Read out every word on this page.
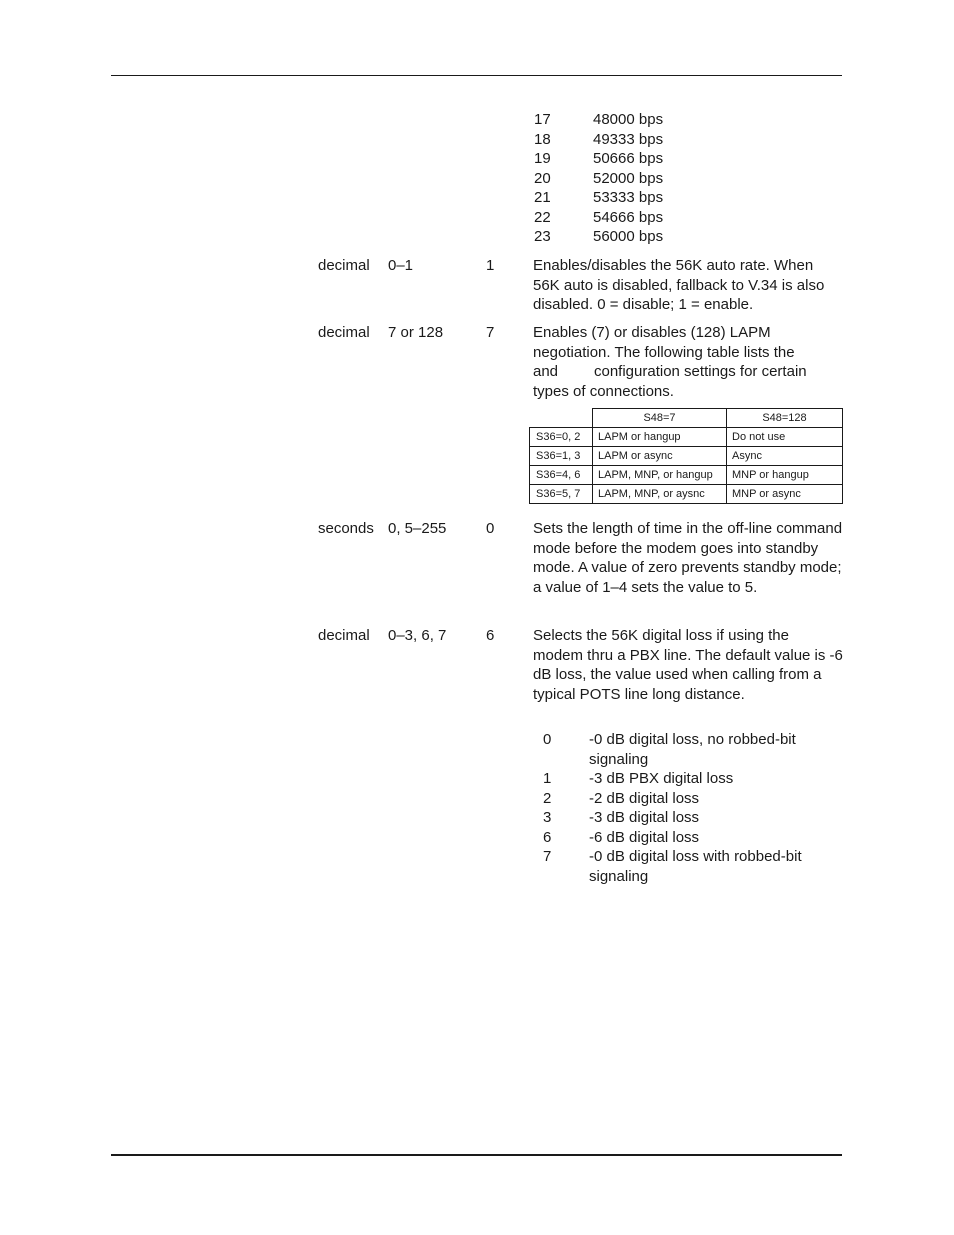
17	48000 bps
18	49333 bps
19	50666 bps
20	52000 bps
21	53333 bps
22	54666 bps
23	56000 bps
decimal 0–1	1	Enables/disables the 56K auto rate. When 56K auto is disabled, fallback to V.34 is also disabled. 0 = disable; 1 = enable.
decimal 7 or 128	7	Enables (7) or disables (128) LAPM
negotiation. The following table lists the
and configuration settings for certain
types of connections.
	S48=7	S48=128
S36=0, 2	LAPM or hangup	Do not use
S36=1, 3	LAPM or async	Async
S36=4, 6	LAPM, MNP, or hangup	MNP or hangup
S36=5, 7	LAPM, MNP, or aysnc	MNP or async
seconds 0, 5–255	0	Sets the length of time in the off-line command mode before the modem goes into standby mode. A value of zero prevents standby mode; a value of 1–4 sets the value to 5.
decimal 0–3, 6, 7	6	Selects the 56K digital loss if using the modem thru a PBX line. The default value is -6 dB loss, the value used when calling from a typical POTS line long distance.
0	-0 dB digital loss, no robbed-bit signaling
1	-3 dB PBX digital loss
2	-2 dB digital loss
3	-3 dB digital loss
6	-6 dB digital loss
7	-0 dB digital loss with robbed-bit signaling
